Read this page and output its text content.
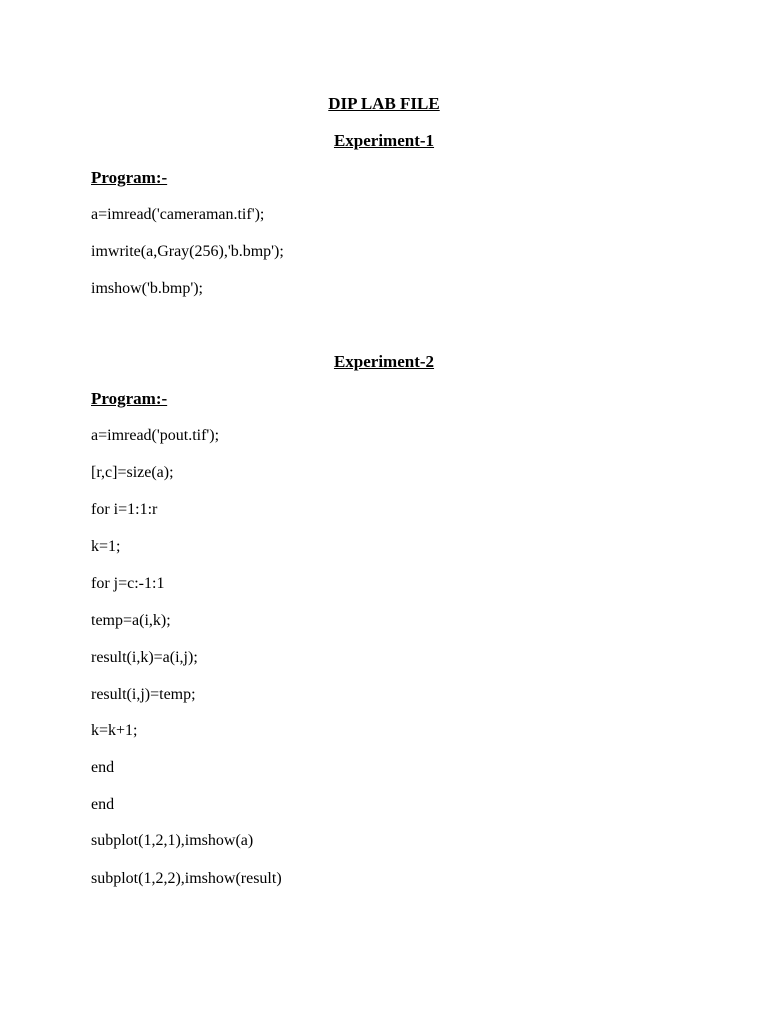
DIP LAB FILE
Experiment-1
Program:-
a=imread('cameraman.tif');
imwrite(a,Gray(256),'b.bmp');
imshow('b.bmp');
Experiment-2
Program:-
a=imread('pout.tif');
[r,c]=size(a);
for i=1:1:r
k=1;
for j=c:-1:1
temp=a(i,k);
result(i,k)=a(i,j);
result(i,j)=temp;
k=k+1;
end
end
subplot(1,2,1),imshow(a)
subplot(1,2,2),imshow(result)
